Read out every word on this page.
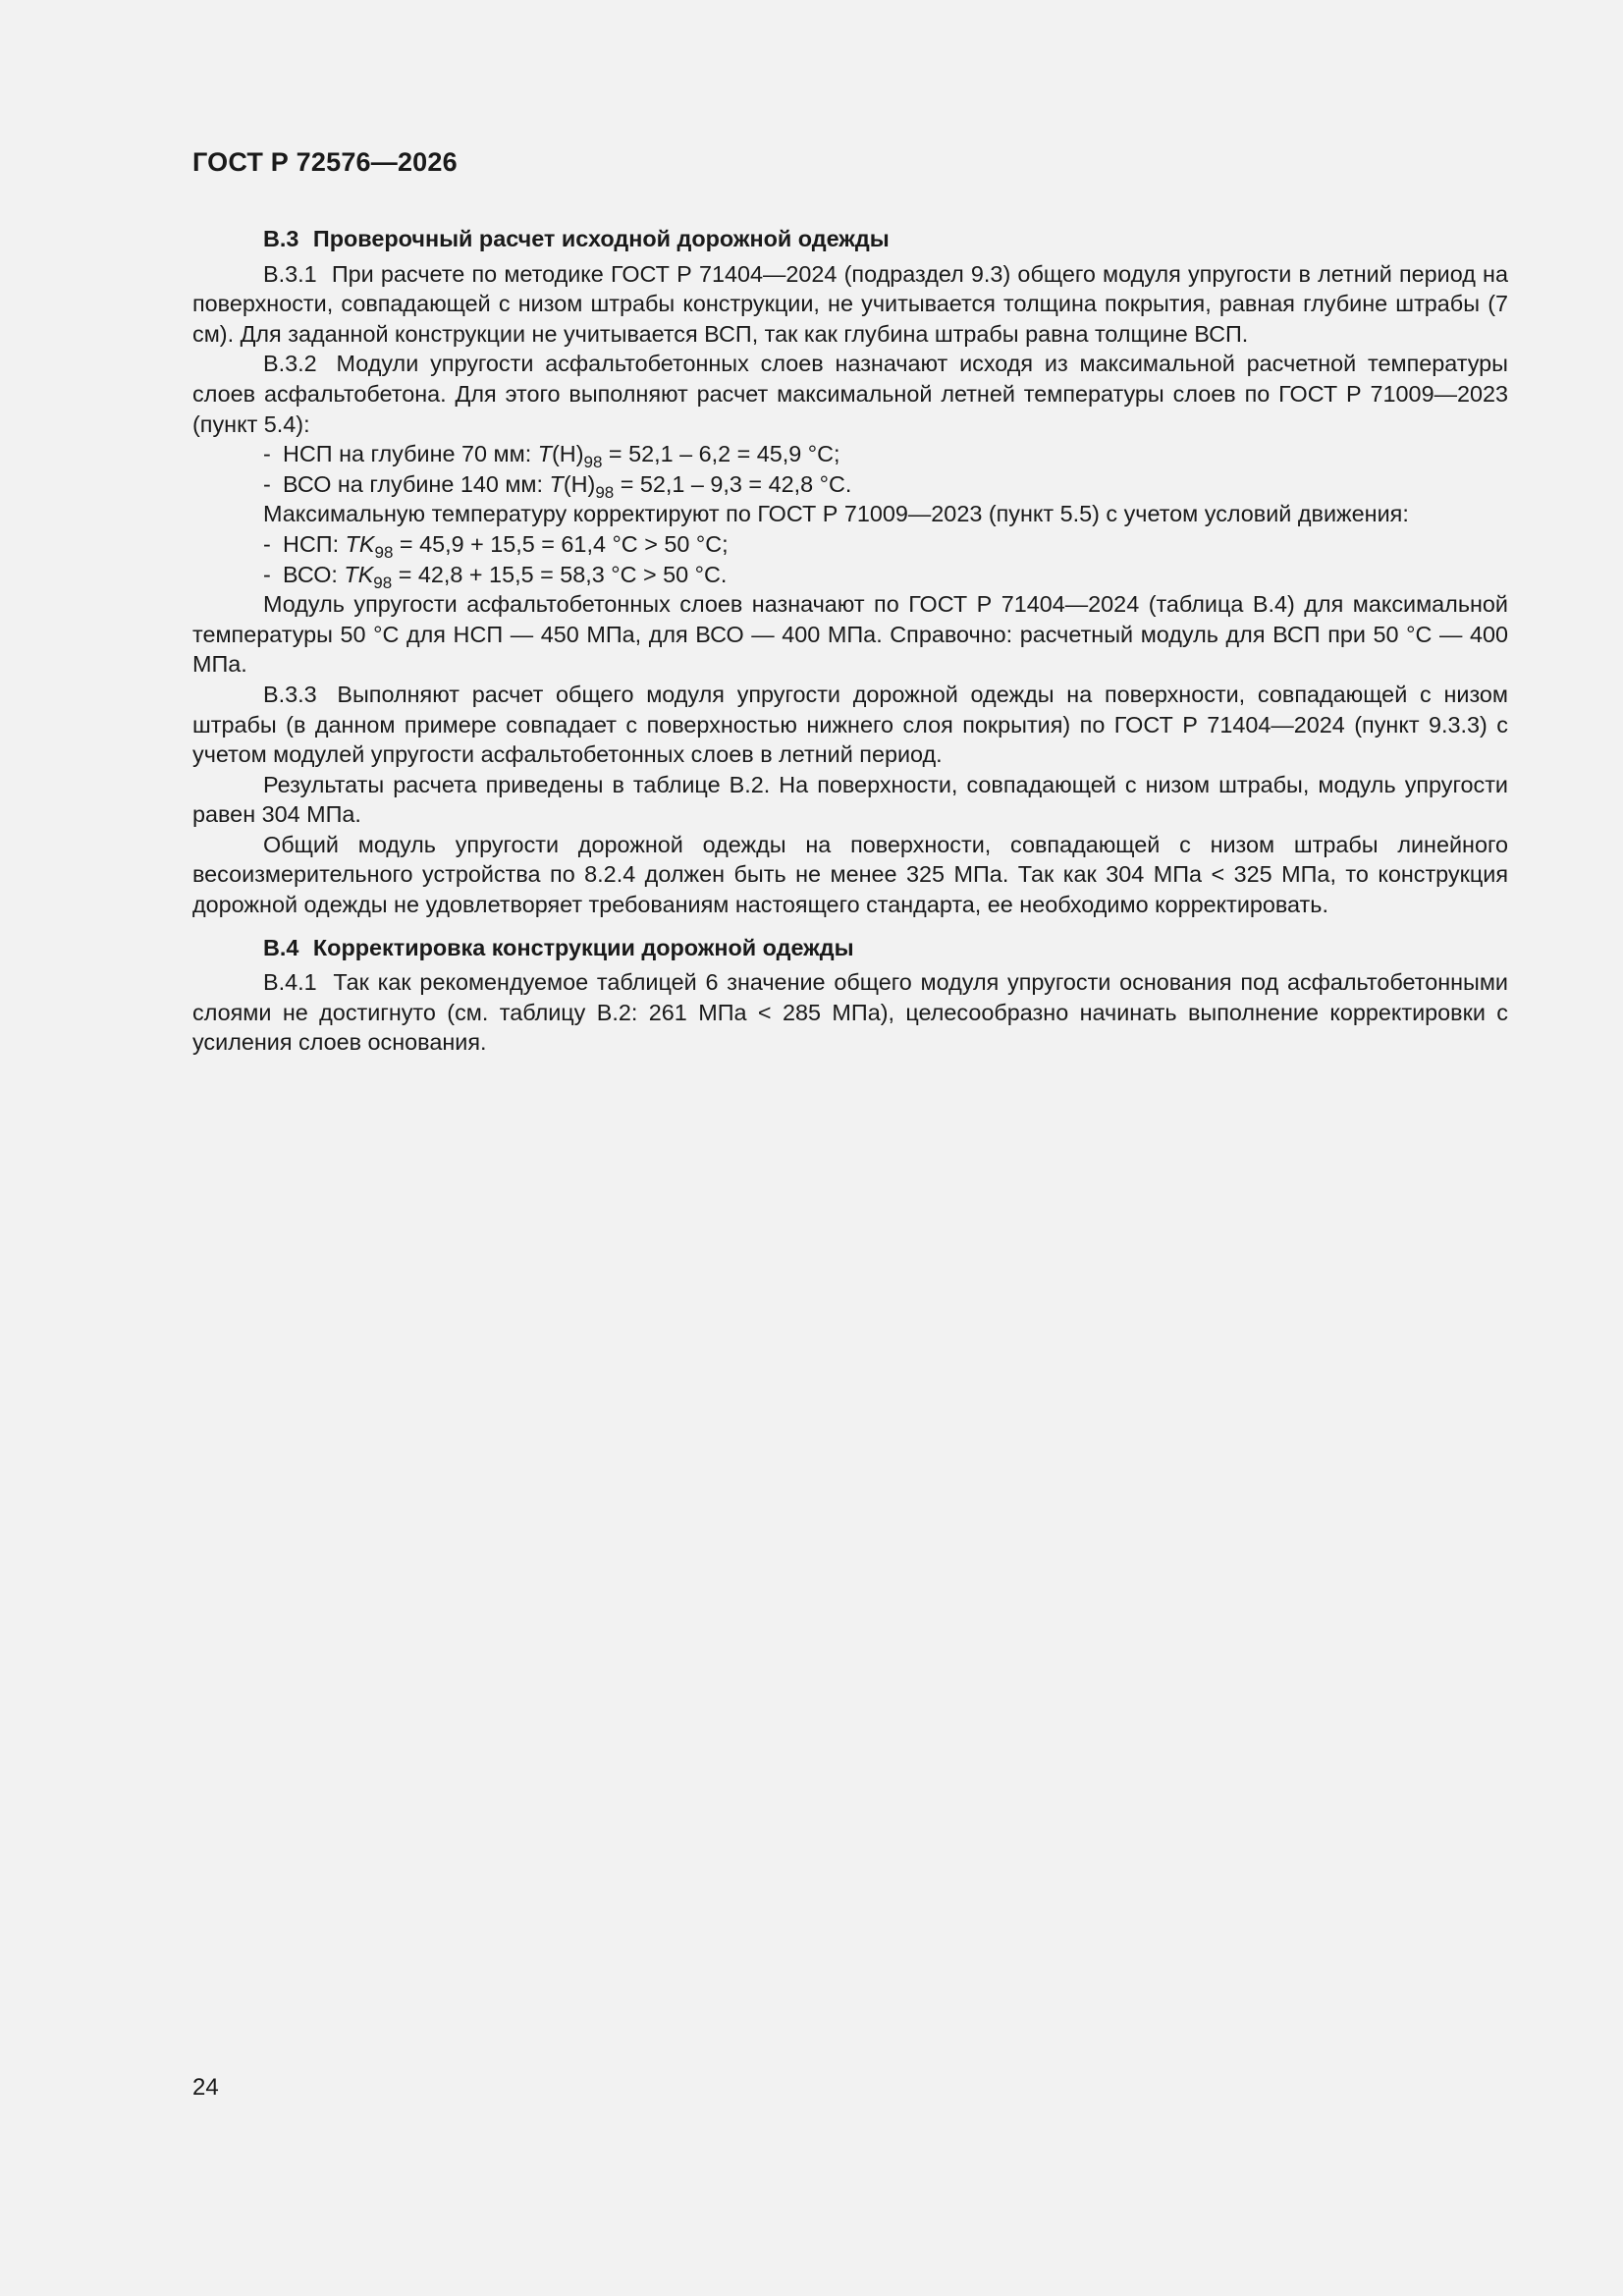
ГОСТ Р 72576—2026
В.3 Проверочный расчет исходной дорожной одежды

В.3.1 При расчете по методике ГОСТ Р 71404—2024 (подраздел 9.3) общего модуля упругости в летний период на поверхности, совпадающей с низом штрабы конструкции, не учитывается толщина покрытия, равная глубине штрабы (7 см). Для заданной конструкции не учитывается ВСП, так как глубина штрабы равна толщине ВСП.

В.3.2 Модули упругости асфальтобетонных слоев назначают исходя из максимальной расчетной температуры слоев асфальтобетона. Для этого выполняют расчет максимальной летней температуры слоев по ГОСТ Р 71009—2023 (пункт 5.4):

- НСП на глубине 70 мм: $T(Н)_{98} = 52,1 - 6,2 = 45,9$ °С;

- ВСО на глубине 140 мм: $T(Н)_{98} = 52,1 - 9,3 = 42,8$ °С.

Максимальную температуру корректируют по ГОСТ Р 71009—2023 (пункт 5.5) с учетом условий движения:

- НСП: $ТK_{98} = 45,9 + 15,5 = 61,4$ °С > 50 °С;

- ВСО: $ТK_{98} = 42,8 + 15,5 = 58,3$ °С > 50 °С.

Модуль упругости асфальтобетонных слоев назначают по ГОСТ Р 71404—2024 (таблица В.4) для максимальной температуры 50 °С для НСП — 450 МПа, для ВСО — 400 МПа. Справочно: расчетный модуль для ВСП при 50 °С — 400 МПа.

В.3.3 Выполняют расчет общего модуля упругости дорожной одежды на поверхности, совпадающей с низом штрабы (в данном примере совпадает с поверхностью нижнего слоя покрытия) по ГОСТ Р 71404—2024 (пункт 9.3.3) с учетом модулей упругости асфальтобетонных слоев в летний период.

Результаты расчета приведены в таблице В.2. На поверхности, совпадающей с низом штрабы, модуль упругости равен 304 МПа.

Общий модуль упругости дорожной одежды на поверхности, совпадающей с низом штрабы линейного весоизмерительного устройства по 8.2.4 должен быть не менее 325 МПа. Так как 304 МПа < 325 МПа, то конструкция дорожной одежды не удовлетворяет требованиям настоящего стандарта, ее необходимо корректировать.

В.4 Корректировка конструкции дорожной одежды

В.4.1 Так как рекомендуемое таблицей 6 значение общего модуля упругости основания под асфальтобетонными слоями не достигнуто (см. таблицу В.2: 261 МПа < 285 МПа), целесообразно начинать выполнение корректировки с усиления слоев основания.

24
